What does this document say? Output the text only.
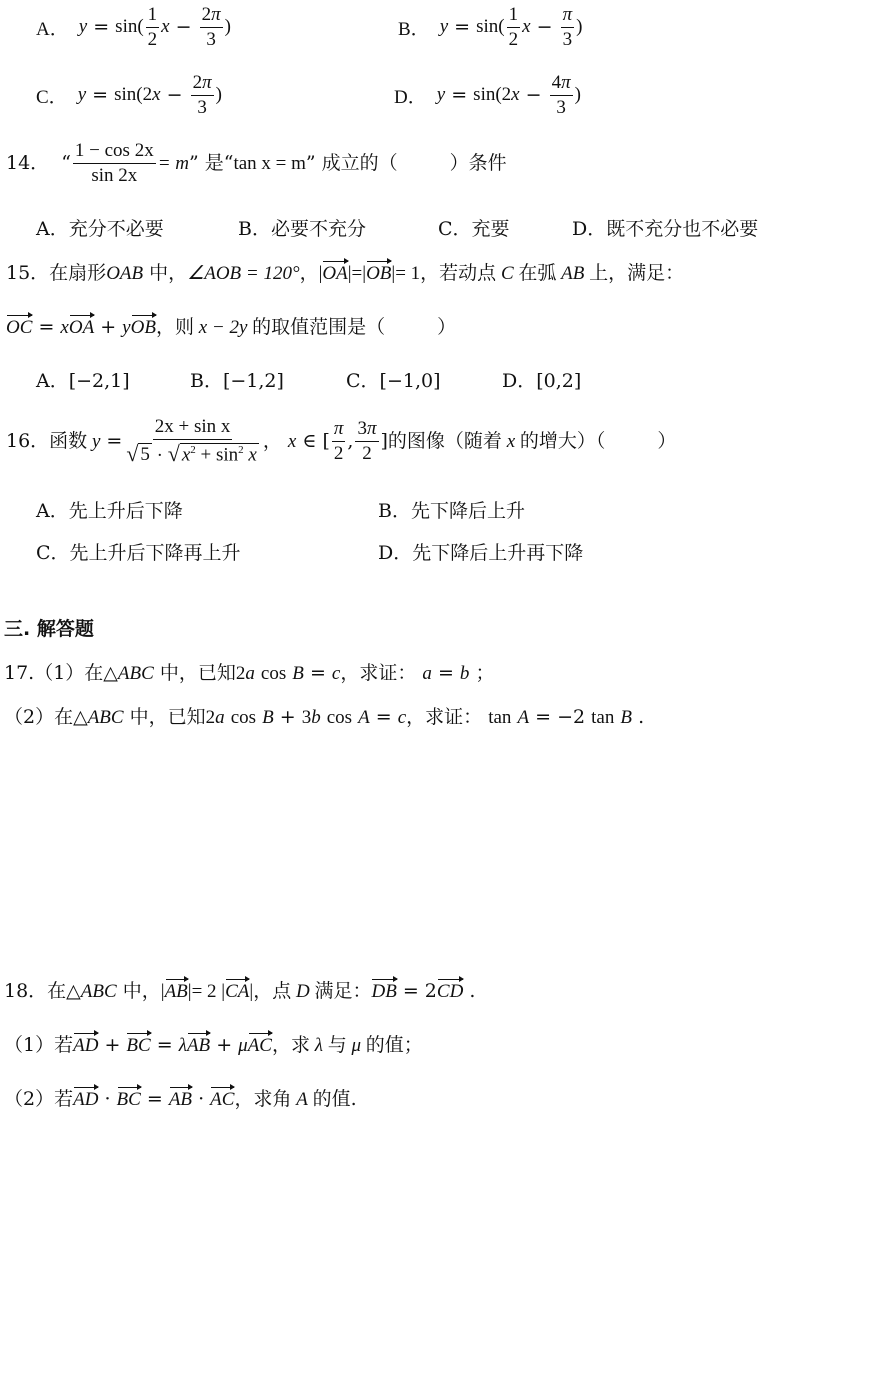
A． $y = \sin( \frac{1}{2}$ $x - \frac{2\pi}{3}$ )	B． $y = \sin( \frac{1}{2}$ $x - \frac{\pi}{3}$ )
C． y = sin(2 $x - \frac{2\pi}{3}$ )	D． y = sin(2 $x - \frac{4\pi}{3}$ )
14． “ $\frac{1 - \cos 2x}{\sin 2x} = m$ ” 是“ tan x = m ” 成立的（	）条件
A．充分不必要	B．必要不充分	C．充要	D．既不充分也不必要
15．在扇形 OAB
中， ∠AOB = 120° ， | OA |=| OB |= 1 ，若动点 C 在弧 AB 上，满足：
OC = x OA + y OB ，则 x − 2y 的取值范围是（	）
A．[−2,1]	B．[−1,2]	C．[−1,0]	D．[0,2]
16．函数 $y = \frac{\text{2x + sin x}}{√ 5 \cdot √ x^2 + \sin^2 x}$ ， x ∈ [ $\frac{\pi}{2}$ , $\frac{3\pi}{2}$ ] 的图像（随着 x 的增大）（	）
A．先上升后下降	B．先下降后上升
C．先上升后下降再上升	D．先下降后上升再下降
三. 解答题
17.（1）在△ ABC
中，已知 2 a
cos
B = c ，求证：
a = b ；
（2）在△ ABC
中，已知 2 a
cos
B + 3 b
cos
A = c ，求证：
tan
A = −2 tan
B
.
18．在△ ABC
中， | AB |= 2 | CA | ，点 D 满足： DB = 2 CD
.
（1）若 AD + BC = λ AB + μ AC ，求 λ 与 μ 的值；
（2）若 AD · BC = AB · AC ，求角 A 的值.
